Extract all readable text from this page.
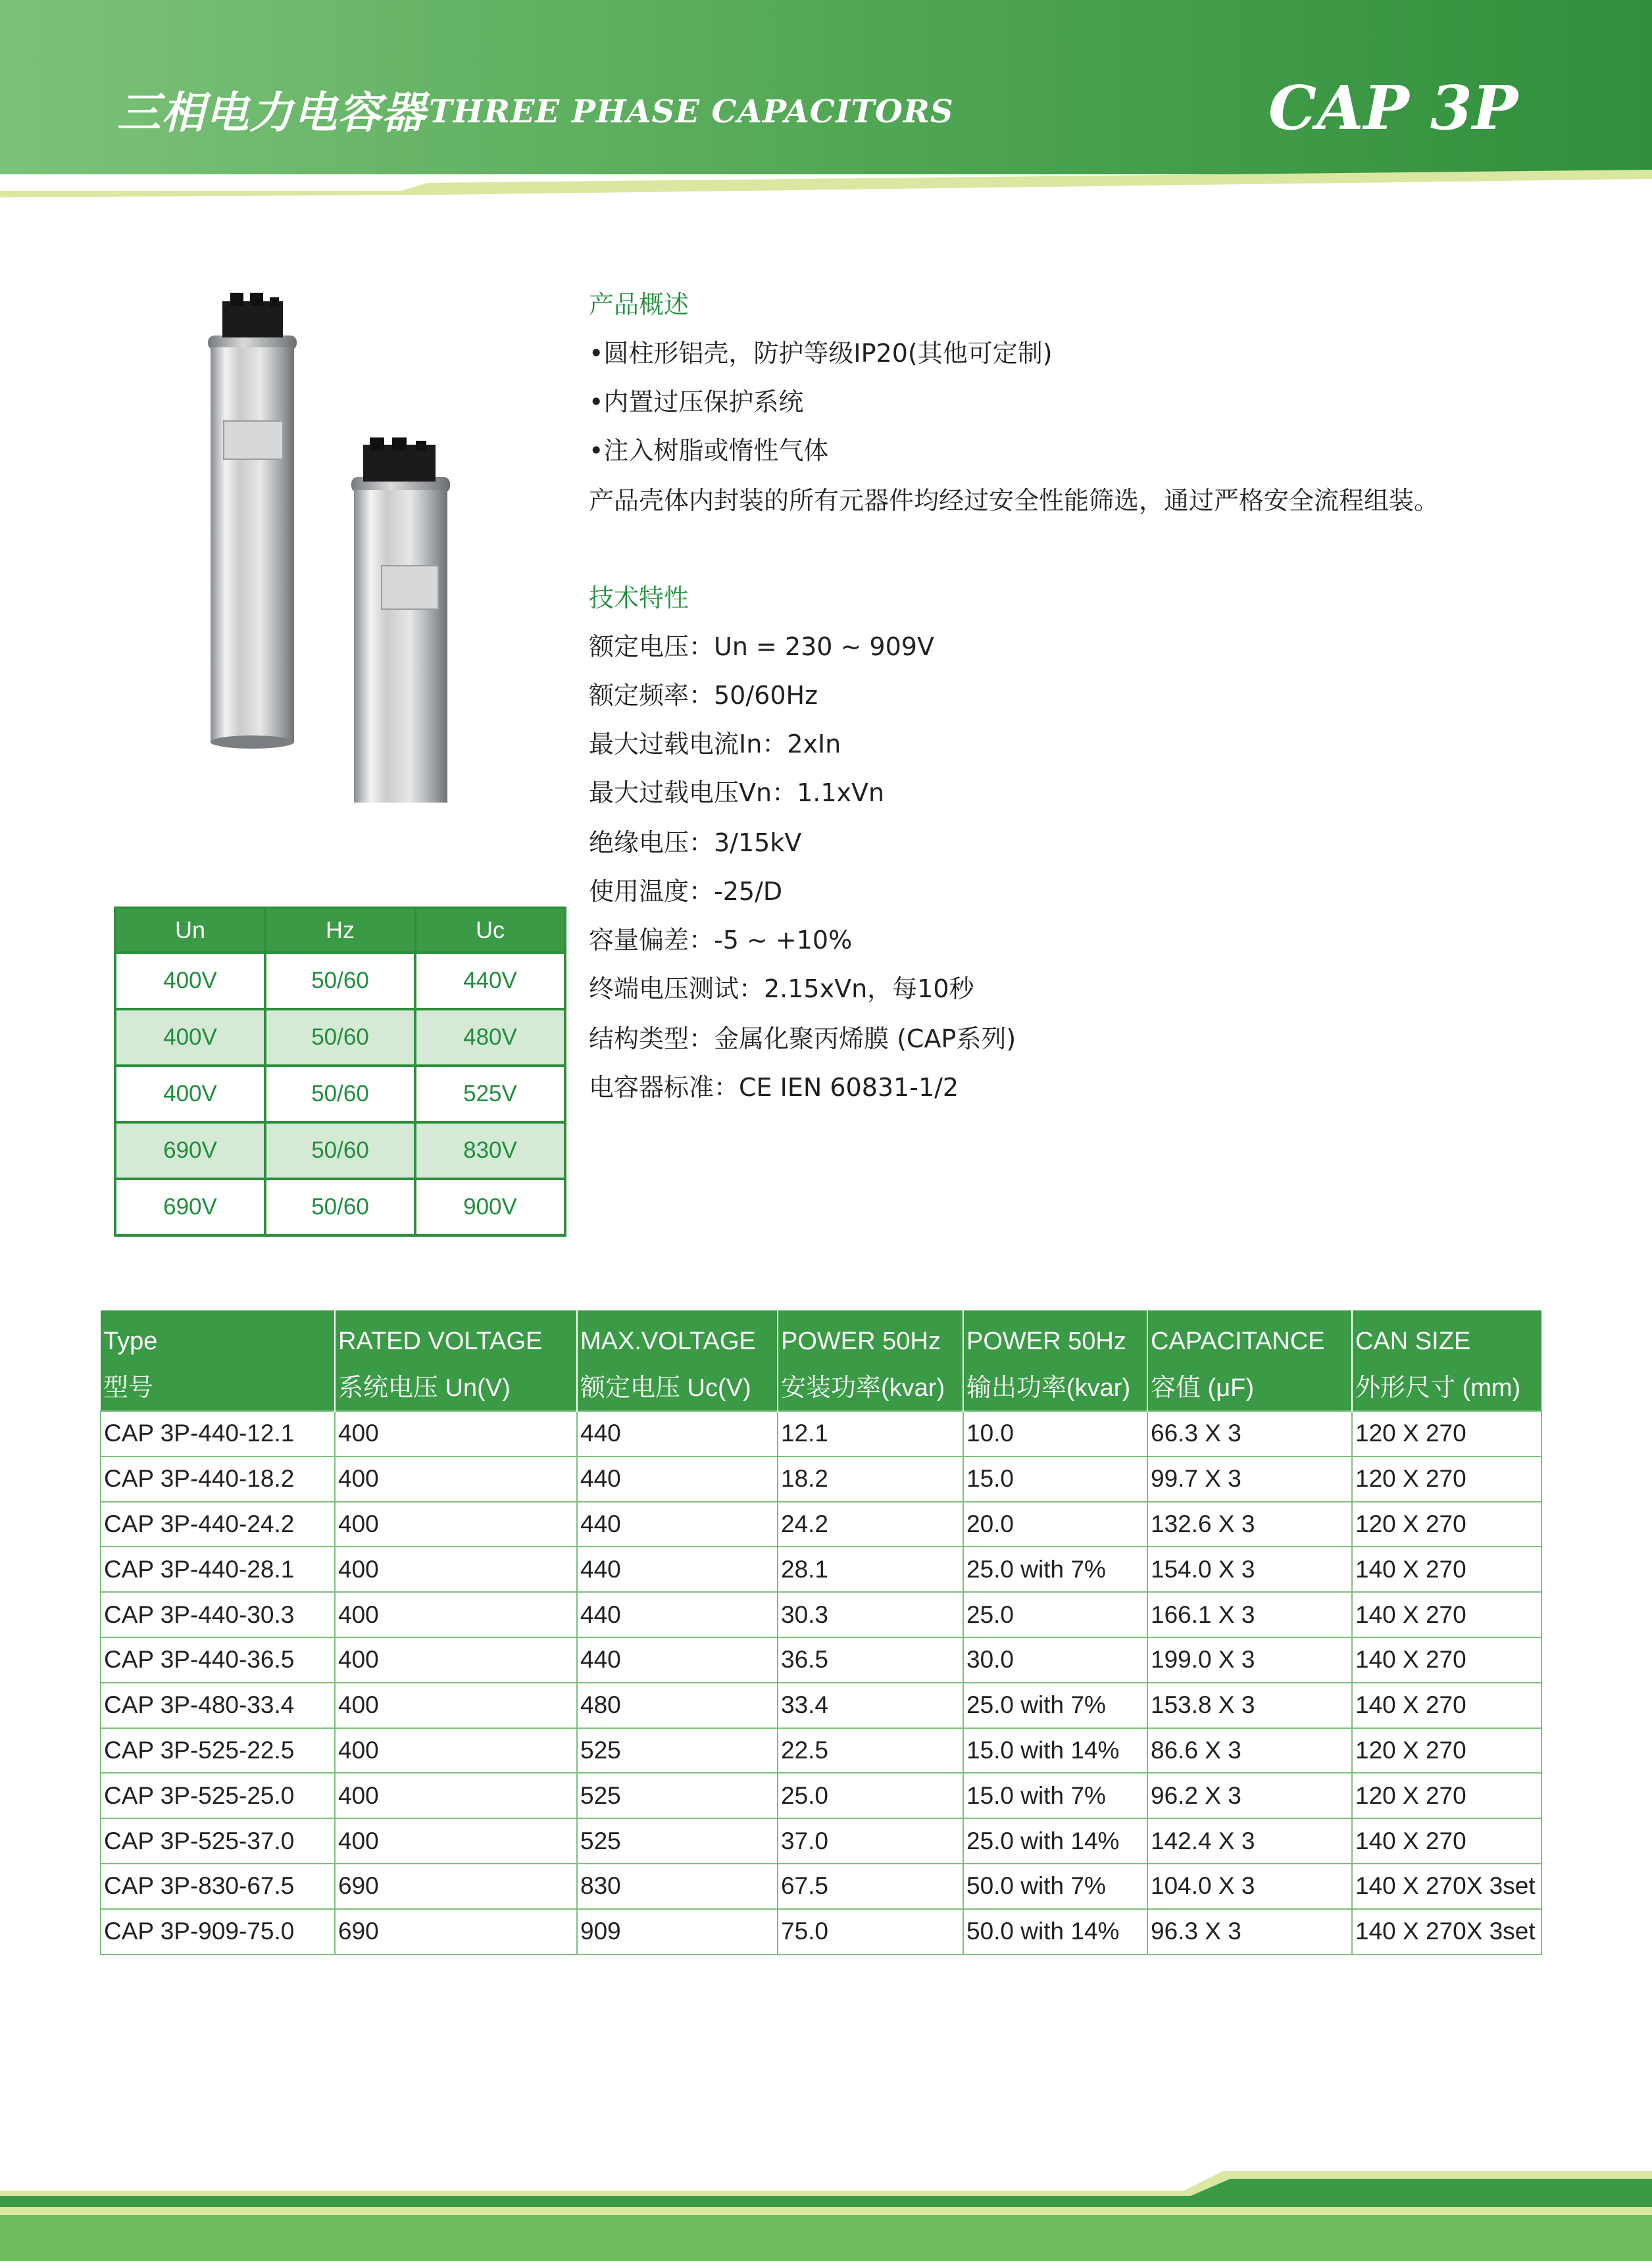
三相电力电容器 THREE PHASE CAPACITORS	CAP 3P
产品概述
•圆柱形铝壳，防护等级IP20(其他可定制)
•内置过压保护系统
•注入树脂或惰性气体
产品壳体内封装的所有元器件均经过安全性能筛选，通过严格安全流程组装。
技术特性
额定电压：Un = 230 ~ 909V
额定频率：50/60Hz
最大过载电流In：2xIn
最大过载电压Vn：1.1xVn
绝缘电压：3/15kV
使用温度：-25/D
容量偏差：-5 ~ +10%
终端电压测试：2.15xVn，每10秒
结构类型：金属化聚丙烯膜 (CAP系列)
电容器标准：CE IEN 60831-1/2
Un	Hz	Uc
400V	50/60	440V
400V	50/60	480V
400V	50/60	525V
690V	50/60	830V
690V	50/60	900V
Type	RATED VOLTAGE	MAX.VOLTAGE	POWER 50Hz	POWER 50Hz	CAPACITANCE	CAN SIZE
型号	系统电压 Un(V)	额定电压 Uc(V)	安装功率(kvar)	输出功率(kvar)	容值 (μF)	外形尺寸 (mm)
CAP 3P-440-12.1	400	440	12.1	10.0	66.3 X 3	120 X 270
CAP 3P-440-18.2	400	440	18.2	15.0	99.7 X 3	120 X 270
CAP 3P-440-24.2	400	440	24.2	20.0	132.6 X 3	120 X 270
CAP 3P-440-28.1	400	440	28.1	25.0 with 7%	154.0 X 3	140 X 270
CAP 3P-440-30.3	400	440	30.3	25.0	166.1 X 3	140 X 270
CAP 3P-440-36.5	400	440	36.5	30.0	199.0 X 3	140 X 270
CAP 3P-480-33.4	400	480	33.4	25.0 with 7%	153.8 X 3	140 X 270
CAP 3P-525-22.5	400	525	22.5	15.0 with 14%	86.6 X 3	120 X 270
CAP 3P-525-25.0	400	525	25.0	15.0 with 7%	96.2 X 3	120 X 270
CAP 3P-525-37.0	400	525	37.0	25.0 with 14%	142.4 X 3	140 X 270
CAP 3P-830-67.5	690	830	67.5	50.0 with 7%	104.0 X 3	140 X 270X 3set
CAP 3P-909-75.0	690	909	75.0	50.0 with 14%	96.3 X 3	140 X 270X 3set
